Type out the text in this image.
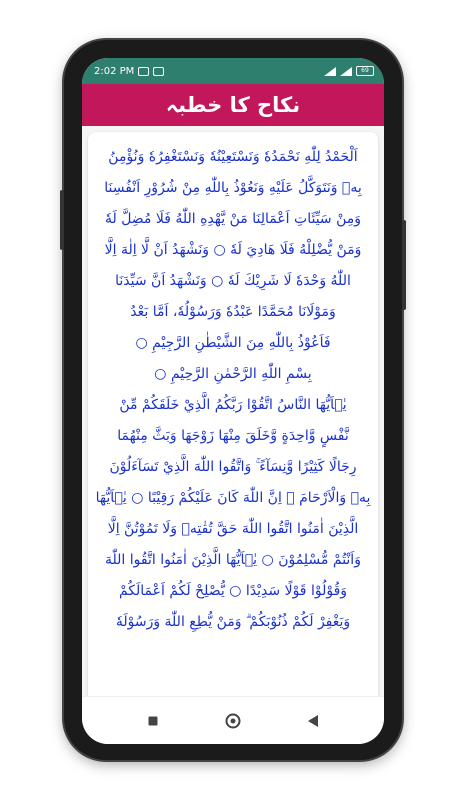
2:02 PM	69
نکاح کا خطبہ
اَلْحَمْدُ لِلّٰهِ نَحْمَدُهٗ وَنَسْتَعِيْنُهٗ وَنَسْتَغْفِرُهٗ وَنُؤْمِنُ
بِهٖ وَنَتَوَكَّلُ عَلَيْهِ وَنَعُوْذُ بِاللّٰهِ مِنْ شُرُوْرِ اَنْفُسِنَا
وَمِنْ سَيِّئَاتِ اَعْمَالِنَا مَنْ يَّهْدِهِ اللّٰهُ فَلَا مُضِلَّ لَهٗ
وَمَنْ يُّضْلِلْهُ فَلَا هَادِيَ لَهٗ ○ وَنَشْهَدُ اَنْ لَّا اِلٰهَ اِلَّا
اللّٰهُ وَحْدَهٗ لَا شَرِيْكَ لَهٗ ○ وَنَشْهَدُ اَنَّ سَيِّدَنَا
وَمَوْلَانَا مُحَمَّدًا عَبْدُهٗ وَرَسُوْلُهٗ، اَمَّا بَعْدُ
فَاَعُوْذُ بِاللّٰهِ مِنَ الشَّيْطٰنِ الرَّجِيْمِ ○
بِسْمِ اللّٰهِ الرَّحْمٰنِ الرَّحِيْمِ ○
يٰۤاَيُّهَا النَّاسُ اتَّقُوْا رَبَّكُمُ الَّذِيْ خَلَقَكُمْ مِّنْ
نَّفْسٍ وَّاحِدَةٍ وَّخَلَقَ مِنْهَا زَوْجَهَا وَبَثَّ مِنْهُمَا
رِجَالًا كَثِيْرًا وَّنِسَآءً ۚ وَاتَّقُوا اللّٰهَ الَّذِيْ تَسَآءَلُوْنَ
بِهٖ وَالْاَرْحَامَ ۚ اِنَّ اللّٰهَ كَانَ عَلَيْكُمْ رَقِيْبًا ○ يٰۤاَيُّهَا
الَّذِيْنَ اٰمَنُوا اتَّقُوا اللّٰهَ حَقَّ تُقٰتِهٖ وَلَا تَمُوْتُنَّ اِلَّا
وَاَنْتُمْ مُّسْلِمُوْنَ ○ يٰۤاَيُّهَا الَّذِيْنَ اٰمَنُوا اتَّقُوا اللّٰهَ
وَقُوْلُوْا قَوْلًا سَدِيْدًا ○ يُّصْلِحْ لَكُمْ اَعْمَالَكُمْ
وَيَغْفِرْ لَكُمْ ذُنُوْبَكُمْ ۗ وَمَنْ يُّطِعِ اللّٰهَ وَرَسُوْلَهٗ
